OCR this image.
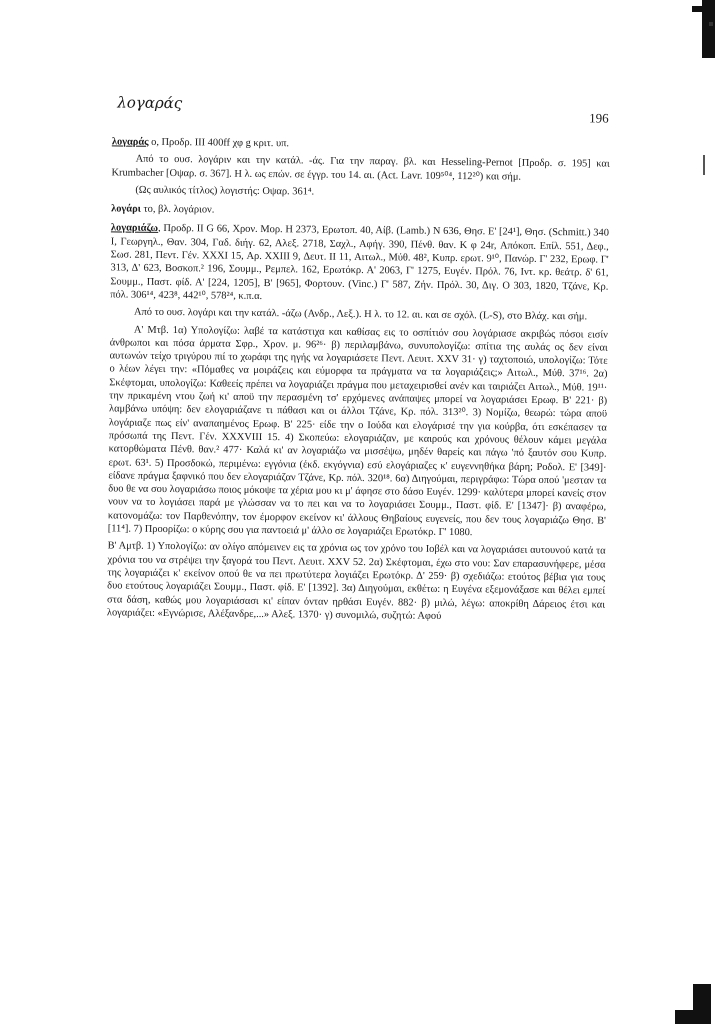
λογαράς
196

λογαράς ο, Προδρ. III 400ff χφ g κριτ. υπ.

Από το ουσ. λογάριν και την κατάλ. -άς. Για την παραγ. βλ. και Hesseling-Pernot [Προδρ. σ. 195] και Krumbacher [Οψαρ. σ. 367]. Η λ. ως επών. σε έγγρ. του 14. αι. (Act. Lavr. 109⁵⁰⁴, 112²⁰) και σήμ.

(Ως αυλικός τίτλος) λογιστής: Οψαρ. 361⁴.

λογάρι το, βλ. λογάριον.

λογαριάζω, Προδρ. II G 66, Χρον. Μορ. Η 2373, Ερωτοπ. 40, Αίβ. (Lamb.) Ν 636, Θησ. Ε' [24¹], Θησ. (Schmitt.) 340 I, Γεωργηλ., Θαν. 304, Γαδ. διήγ. 62, Αλεξ. 2718, Σαχλ., Αφήγ. 390, Πένθ. θαν. Κ φ 24r, Απόκοπ. Επίλ. 551, Δεφ., Σωσ. 281, Πεντ. Γέν. XXXI 15, Αρ. XXIII 9, Δευτ. II 11, Αιτωλ., Μύθ. 48², Κυπρ. ερωτ. 9¹⁰, Πανώρ. Γ' 232, Ερωφ. Γ' 313, Δ' 623, Βοσκοπ.² 196, Σουμμ., Ρεμπελ. 162, Ερωτόκρ. Α' 2063, Γ' 1275, Ευγέν. Πρόλ. 76, Ιντ. κρ. θεάτρ. δ' 61, Σουμμ., Παστ. φίδ. Α' [224, 1205], Β' [965], Φορτουν. (Vinc.) Γ' 587, Ζήν. Πρόλ. 30, Διγ. Ο 303, 1820, Τζάνε, Κρ. πόλ. 306¹⁴, 423⁸, 442¹⁰, 578²⁴, κ.π.α.

Από το ουσ. λογάρι και την κατάλ. -άζω (Ανδρ., Λεξ.). Η λ. το 12. αι. και σε σχόλ. (L-S), στο Βλάχ. και σήμ.

Α' Μτβ. 1α) Υπολογίζω: λαβέ τα κατάστιχα και καθίσας εις το οσπίτιόν σου λογάριασε ακριβώς πόσοι εισίν άνθρωποι και πόσα άρματα Σφρ., Χρον. μ. 96²⁶· β) περιλαμβάνω, συνυπολογίζω: σπίτια της αυλάς ος δεν είναι αυτωνών τείχο τριγύρου πιί το χωράφι της ηγής να λογαριάσετε Πεντ. Λευιτ. XXV 31· γ) ταχτοποιώ, υπολογίζω: Τότε ο λέων λέγει την: «Πόμαθες να μοιράζεις και εύμορφα τα πράγματα να τα λογαριάζεις;» Αιτωλ., Μύθ. 37¹⁶. 2α) Σκέφτομαι, υπολογίζω: Καθεείς πρέπει να λογαριάζει πράγμα που μεταχειρισθεί ανέν και ταιριάζει Αιτωλ., Μύθ. 19¹¹· την πρικαμένη ντου ζωή κι' αποϋ την περασμένη τσ' ερχόμενες ανάπαψες μπορεί να λογαριάσει Ερωφ. Β' 221· β) λαμβάνω υπόψη: δεν ελογαριάζανε τι πάθασι και οι άλλοι Τζάνε, Κρ. πόλ. 313²⁰. 3) Νομίζω, θεωρώ: τώρα αποϋ λογάριαζε πως είν' αναπαημένος Ερωφ. Β' 225· είδε την ο Ιούδα και ελογάρισέ την για κούρβα, ότι εσκέπασεν τα πρόσωπά της Πεντ. Γέν. XXXVIII 15. 4) Σκοπεύω: ελογαριάζαν, με καιρούς και χρόνους θέλουν κάμει μεγάλα κατορθώματα Πένθ. θαν.² 477· Καλά κι' αν λογαριάζω να μισσέψω, μηδέν θαρείς και πάγω 'πό ξαυτόν σου Κυπρ. ερωτ. 63¹. 5) Προσδοκώ, περιμένω: εγγόνια (έκδ. εκγόγνια) εσύ ελογάριαζες κ' ευγεννηθήκα βάρη; Ροδολ. Ε' [349]· είδανε πράγμα ξαφνικό που δεν ελογαριάζαν Τζάνε, Κρ. πόλ. 320¹⁸. 6α) Διηγούμαι, περιγράφω: Τώρα οπού 'μεσταν τα δυο θε να σου λογαριάσω ποιος μόκοψε τα χέρια μου κι μ' άφησε στο δάσο Ευγέν. 1299· καλύτερα μπορεί κανείς στον νουν να το λογιάσει παρά με γλώσσαν να το πει και να το λογαριάσει Σουμμ., Παστ. φίδ. Ε' [1347]· β) αναφέρω, κατονομάζω: τον Παρθενόπην, τον έμορφον εκείνον κι' άλλους Θηβαίους ευγενείς, που δεν τους λογαριάζω Θησ. Β' [11⁴]. 7) Προορίζω: ο κύρης σου για παντοειά μ' άλλο σε λογαριάζει Ερωτόκρ. Γ' 1080.

Β' Αμτβ. 1) Υπολογίζω: αν ολίγο απόμεινεν εις τα χρόνια ως τον χρόνο του Ιοβέλ και να λογαριάσει αυτουνού κατά τα χρόνια του να στρέψει την ξαγορά του Πεντ. Λευιτ. XXV 52. 2α) Σκέφτομαι, έχω στο νου: Σαν επαρασυνήφερε, μέσα της λογαριάζει κ' εκείνον οπού θε να πει πρωτύτερα λογιάζει Ερωτόκρ. Δ' 259· β) σχεδιάζω: ετούτος βέβια για τους δυο ετούτους λογαριάζει Σουμμ., Παστ. φίδ. Ε' [1392]. 3α) Διηγούμαι, εκθέτω: η Ευγένα εξεμονάξασε και θέλει εμπεί στα δάση, καθώς μου λογαριάσασι κι' είπαν όνταν ηρθάσι Ευγέν. 882· β) μιλώ, λέγω: αποκρίθη Δάρειος έτσι και λογαριάζει: «Εγνώρισε, Αλέξανδρε,...» Αλεξ. 1370· γ) συνομιλώ, συζητώ: Αφού
